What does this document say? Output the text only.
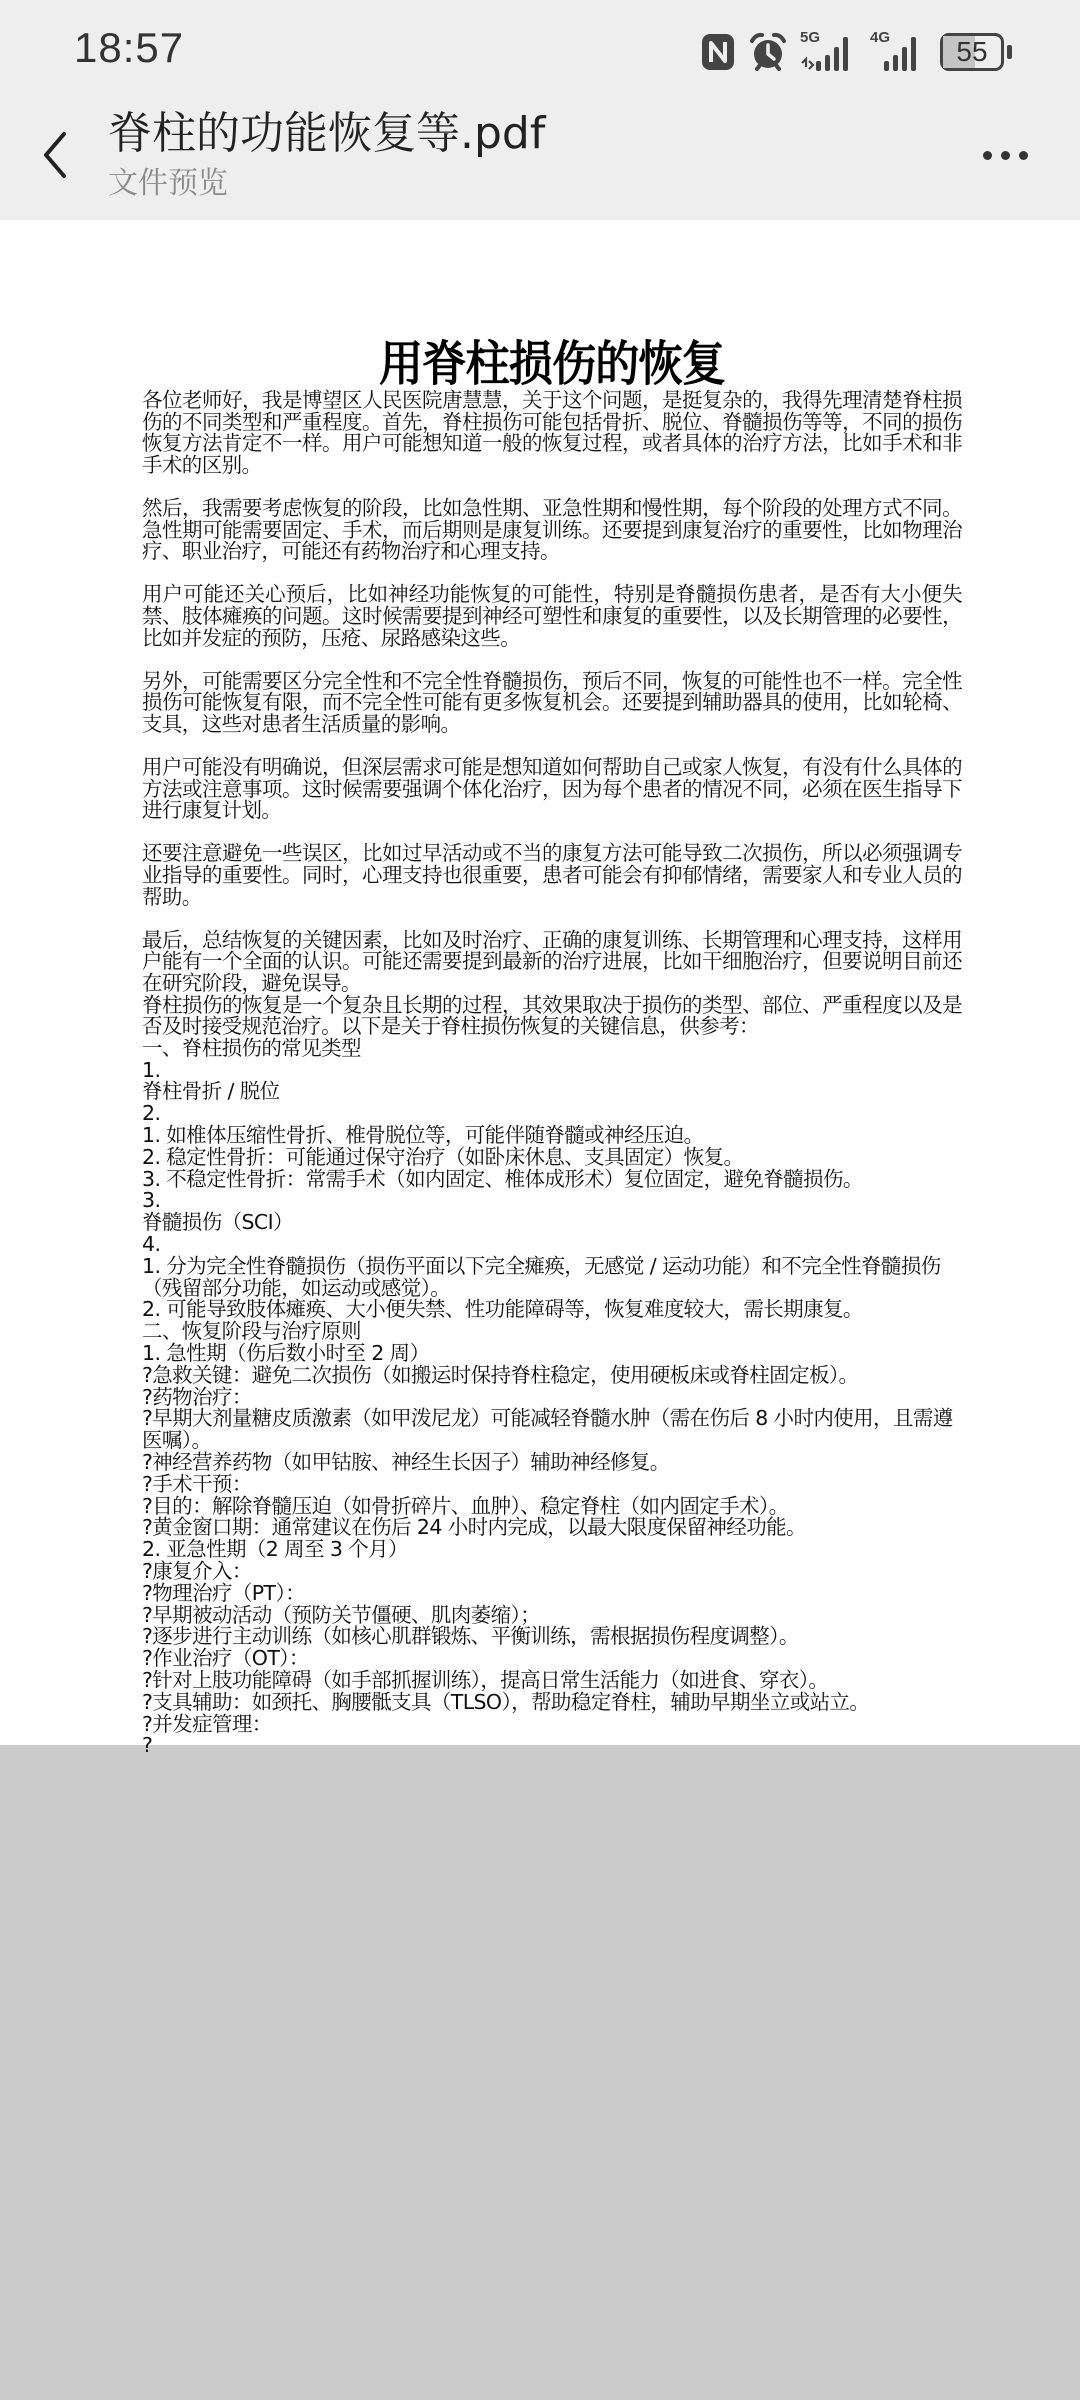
18:57	5G	4G	55
脊柱的功能恢复等.pdf
文件预览
用脊柱损伤的恢复
各位老师好，我是博望区人民医院唐慧慧，关于这个问题，是挺复杂的，我得先理清楚脊柱损伤的不同类型和严重程度。首先，脊柱损伤可能包括骨折、脱位、脊髓损伤等等，不同的损伤恢复方法肯定不一样。用户可能想知道一般的恢复过程，或者具体的治疗方法，比如手术和非手术的区别。
然后，我需要考虑恢复的阶段，比如急性期、亚急性期和慢性期，每个阶段的处理方式不同。急性期可能需要固定、手术，而后期则是康复训练。还要提到康复治疗的重要性，比如物理治疗、职业治疗，可能还有药物治疗和心理支持。
用户可能还关心预后，比如神经功能恢复的可能性，特别是脊髓损伤患者，是否有大小便失禁、肢体瘫痪的问题。这时候需要提到神经可塑性和康复的重要性，以及长期管理的必要性，比如并发症的预防，压疮、尿路感染这些。
另外，可能需要区分完全性和不完全性脊髓损伤，预后不同，恢复的可能性也不一样。完全性损伤可能恢复有限，而不完全性可能有更多恢复机会。还要提到辅助器具的使用，比如轮椅、支具，这些对患者生活质量的影响。
用户可能没有明确说，但深层需求可能是想知道如何帮助自己或家人恢复，有没有什么具体的方法或注意事项。这时候需要强调个体化治疗，因为每个患者的情况不同，必须在医生指导下进行康复计划。
还要注意避免一些误区，比如过早活动或不当的康复方法可能导致二次损伤，所以必须强调专业指导的重要性。同时，心理支持也很重要，患者可能会有抑郁情绪，需要家人和专业人员的帮助。
最后，总结恢复的关键因素，比如及时治疗、正确的康复训练、长期管理和心理支持，这样用户能有一个全面的认识。可能还需要提到最新的治疗进展，比如干细胞治疗，但要说明目前还在研究阶段，避免误导。
脊柱损伤的恢复是一个复杂且长期的过程，其效果取决于损伤的类型、部位、严重程度以及是否及时接受规范治疗。以下是关于脊柱损伤恢复的关键信息，供参考：
一、脊柱损伤的常见类型
1.
脊柱骨折 / 脱位
2.
1. 如椎体压缩性骨折、椎骨脱位等，可能伴随脊髓或神经压迫。
2. 稳定性骨折：可能通过保守治疗（如卧床休息、支具固定）恢复。
3. 不稳定性骨折：常需手术（如内固定、椎体成形术）复位固定，避免脊髓损伤。
3.
脊髓损伤（SCI）
4.
1. 分为完全性脊髓损伤（损伤平面以下完全瘫痪，无感觉 / 运动功能）和不完全性脊髓损伤（残留部分功能，如运动或感觉）。
2. 可能导致肢体瘫痪、大小便失禁、性功能障碍等，恢复难度较大，需长期康复。
二、恢复阶段与治疗原则
1. 急性期（伤后数小时至 2 周）
?急救关键：避免二次损伤（如搬运时保持脊柱稳定，使用硬板床或脊柱固定板）。
?药物治疗：
?早期大剂量糖皮质激素（如甲泼尼龙）可能减轻脊髓水肿（需在伤后 8 小时内使用，且需遵医嘱）。
?神经营养药物（如甲钴胺、神经生长因子）辅助神经修复。
?手术干预：
?目的：解除脊髓压迫（如骨折碎片、血肿）、稳定脊柱（如内固定手术）。
?黄金窗口期：通常建议在伤后 24 小时内完成，以最大限度保留神经功能。
2. 亚急性期（2 周至 3 个月）
?康复介入：
?物理治疗（PT）：
?早期被动活动（预防关节僵硬、肌肉萎缩）；
?逐步进行主动训练（如核心肌群锻炼、平衡训练，需根据损伤程度调整）。
?作业治疗（OT）：
?针对上肢功能障碍（如手部抓握训练），提高日常生活能力（如进食、穿衣）。
?支具辅助：如颈托、胸腰骶支具（TLSO），帮助稳定脊柱，辅助早期坐立或站立。
?并发症管理：
?
